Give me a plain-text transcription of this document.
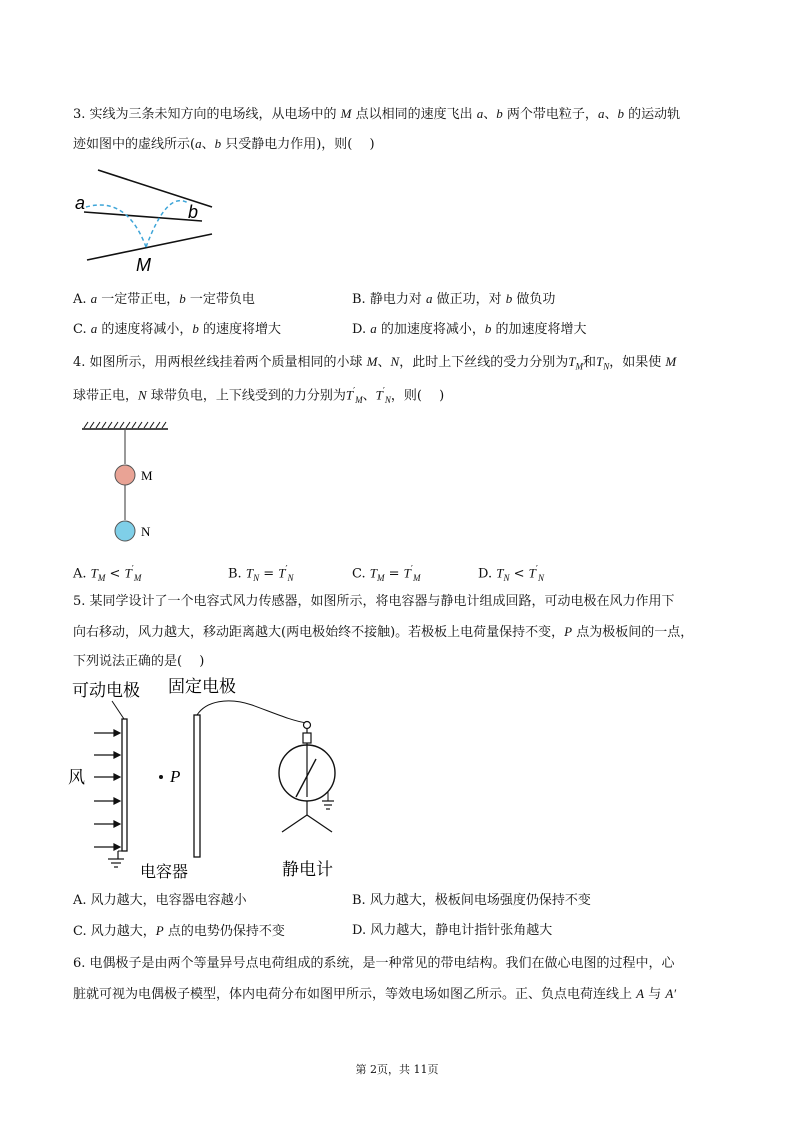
3. 实线为三条未知方向的电场线，从电场中的 M 点以相同的速度飞出 a、b 两个带电粒子，a、b 的运动轨
迹如图中的虚线所示(a、b 只受静电力作用)，则(　 )
a	b
M
A. a 一定带正电，b 一定带负电	B. 静电力对 a 做正功，对 b 做负功
C. a 的速度将减小，b 的速度将增大	D. a 的加速度将减小，b 的加速度将增大
4. 如图所示，用两根丝线挂着两个质量相同的小球 M、N，此时上下丝线的受力分别为$T_M$和$T_N$，如果使 M
球带正电，N 球带负电，上下线受到的力分别为$T'_M$、$T'_N$，则(　 )
M
N
A. $T_M < T'_M$	B. $T_N = T'_N$	C. $T_M = T'_M$	D. $T_N < T'_N$
5. 某同学设计了一个电容式风力传感器，如图所示，将电容器与静电计组成回路，可动电极在风力作用下
向右移动，风力越大，移动距离越大(两电极始终不接触)。若极板上电荷量保持不变，P 点为极板间的一点，
下列说法正确的是(　 )
可动电极 固定电极
风	P
电容器	静电计
A. 风力越大，电容器电容越小	B. 风力越大，极板间电场强度仍保持不变
C. 风力越大，P 点的电势仍保持不变	D. 风力越大，静电计指针张角越大
6. 电偶极子是由两个等量异号点电荷组成的系统，是一种常见的带电结构。我们在做心电图的过程中，心
脏就可视为电偶极子模型，体内电荷分布如图甲所示，等效电场如图乙所示。正、负点电荷连线上 A 与 A′
第 2页，共 11页
